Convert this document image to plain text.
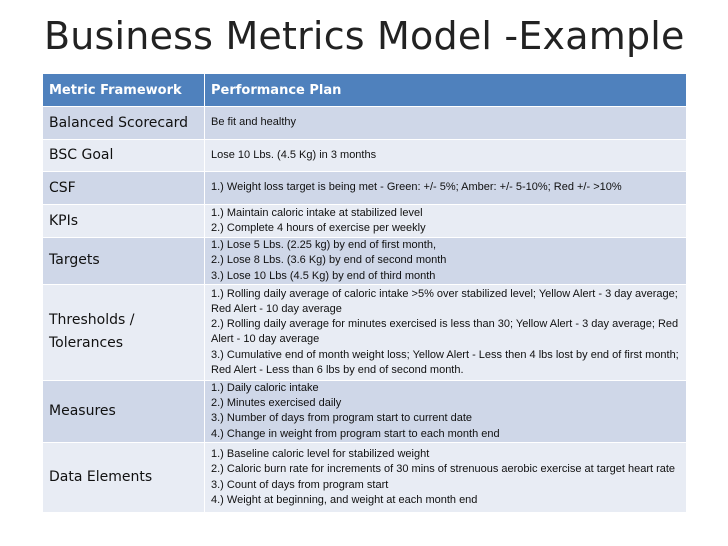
Business Metrics Model -Example
Metric Framework	Performance Plan
Balanced Scorecard	Be fit and healthy

BSC Goal	Lose 10 Lbs. (4.5 Kg) in 3 months

CSF	1.) Weight loss target is being met - Green: +/- 5%; Amber: +/- 5-10%; Red +/- >10%

KPIs	1.) Maintain caloric intake at stabilized level
2.) Complete 4 hours of exercise per weekly

Targets	1.) Lose 5 Lbs. (2.25 kg) by end of first month,
2.) Lose 8 Lbs. (3.6 Kg) by end of second month
3.) Lose 10 Lbs (4.5 Kg) by end of third month

Thresholds / Tolerances	1.) Rolling daily average of caloric intake >5% over stabilized level; Yellow Alert - 3 day average; Red Alert - 10 day average
2.) Rolling daily average for minutes exercised is less than 30; Yellow Alert - 3 day average; Red Alert - 10 day average
3.) Cumulative end of month weight loss; Yellow Alert - Less then 4 lbs lost by end of first month; Red Alert - Less than 6 lbs by end of second month.

Measures	1.) Daily caloric intake
2.) Minutes exercised daily
3.) Number of days from program start to current date
4.) Change in weight from program start to each month end

Data Elements	1.) Baseline caloric level for stabilized weight
2.) Caloric burn rate for increments of 30 mins of strenuous aerobic exercise at target heart rate
3.) Count of days from program start
4.) Weight at beginning, and weight at each month end
